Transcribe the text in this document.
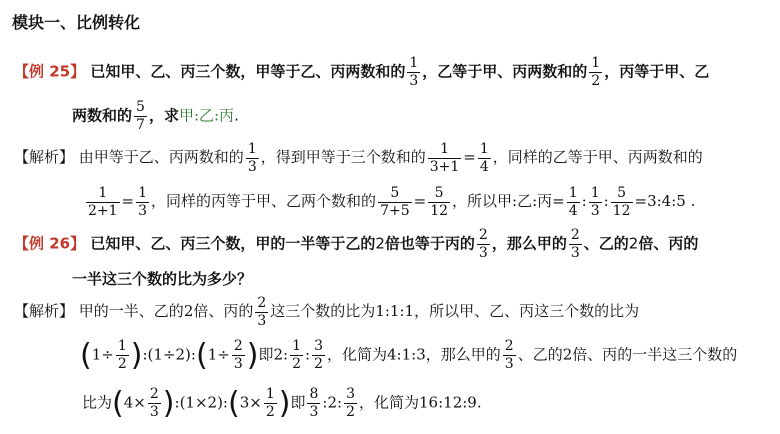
模块一、比例转化
【例 25】 已知甲、乙、丙三个数，甲等于乙、丙两数和的 $\frac{1}{3}$ ，乙等于甲、丙两数和的 $\frac{1}{2}$ ，丙等于甲、乙
两数和的 $\frac{5}{7}$ ，求甲:乙:丙.
【解析】 由甲等于乙、丙两数和的 $\frac{1}{3}$ ，得到甲等于三个数和的 $\frac{1}{3+1} = \frac{1}{4}$ ，同样的乙等于甲、丙两数和的
$\frac{1}{2+1} = \frac{1}{3}$ ，同样的丙等于甲、乙两个数和的 $\frac{5}{7+5} = \frac{5}{12}$ ，所以甲:乙:丙= $\frac{1}{4}$ : $\frac{1}{3}$ : $\frac{5}{12}$ =3:4:5 .
【例 26】 已知甲、乙、丙三个数，甲的一半等于乙的2倍也等于丙的 $\frac{2}{3}$ ，那么甲的 $\frac{2}{3}$ 、乙的2倍、丙的
一半这三个数的比为多少？
【解析】 甲的一半、乙的2倍、丙的 $\frac{2}{3}$ 这三个数的比为1:1:1，所以甲、乙、丙这三个数的比为
($1\div \frac{1}{2}$ ):(1÷2):(1÷ $\frac{2}{3}$ )即2: $\frac{1}{2}$ : $\frac{3}{2}$ ，化简为4:1:3，那么甲的 $\frac{2}{3}$ 、乙的2倍、丙的一半这三个数的
比为($4\times \frac{2}{3}$ ):(1×2):(3× $\frac{1}{2}$ )即 $\frac{8}{3}$ :2: $\frac{3}{2}$ ，化简为16:12:9.
